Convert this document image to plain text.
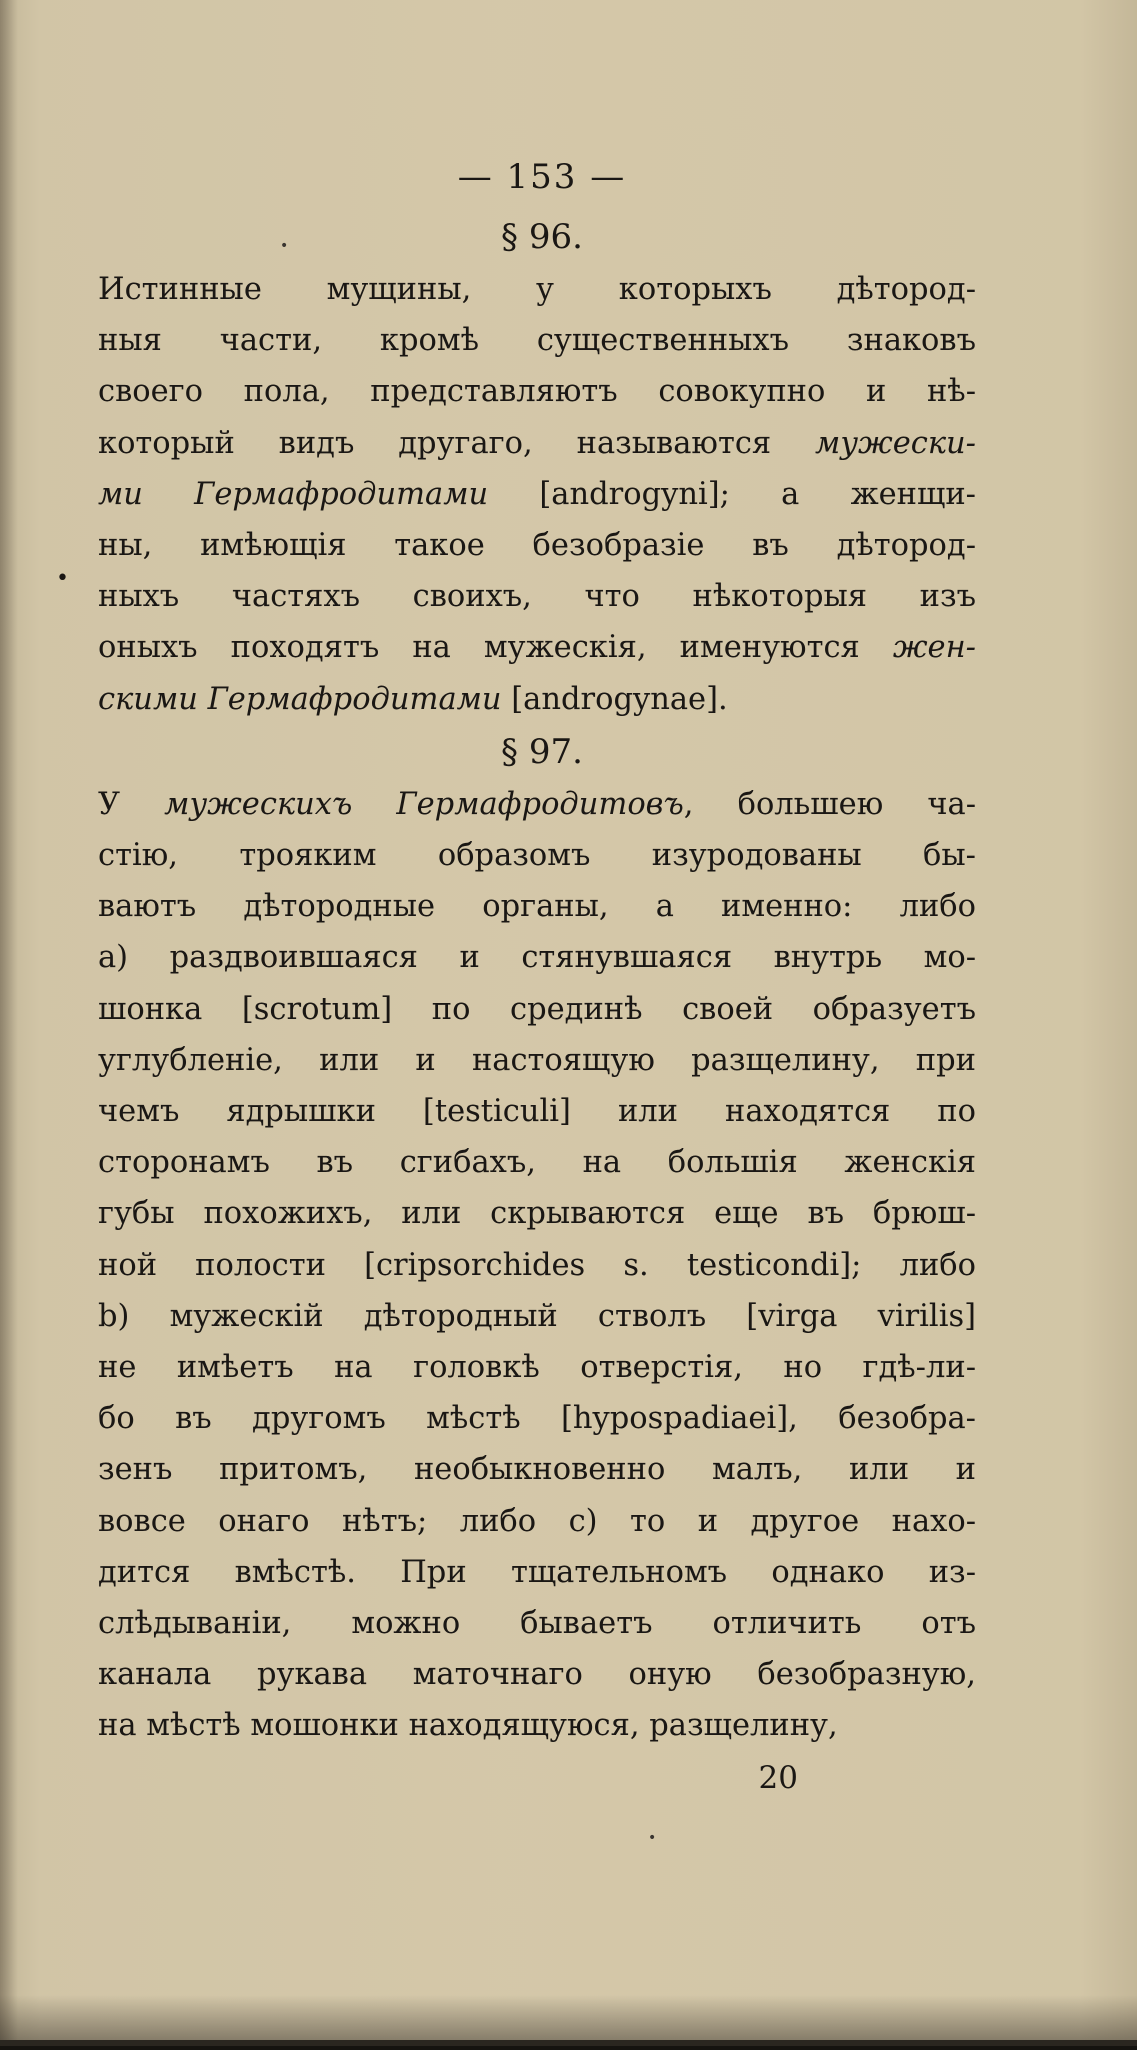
•
•
•
— 153 —
§ 96.
Истинные мущины, у которыхъ дѣтород-
ныя части, кромѣ существенныхъ знаковъ
своего пола, представляютъ совокупно и нѣ-
который видъ другаго, называются мужески-
ми Гермафродитами [androgyni]; а женщи-
ны, имѣющія такое безобразіе въ дѣтород-
ныхъ частяхъ своихъ, что нѣкоторыя изъ
оныхъ походятъ на мужескія, именуются жен-
скими Гермафродитами [androgynae].
§ 97.
У мужескихъ Гермафродитовъ, большею ча-
стію, трояким образомъ изуродованы бы-
ваютъ дѣтородные органы, а именно: либо
a) раздвоившаяся и стянувшаяся внутрь мо-
шонка [scrotum] по срединѣ своей образуетъ
углубленіе, или и настоящую разщелину, при
чемъ ядрышки [testiculi] или находятся по
сторонамъ въ сгибахъ, на большія женскія
губы похожихъ, или скрываются еще въ брюш-
ной полости [cripsorchides s. testicondi]; либо
b) мужескій дѣтородный стволъ [virga virilis]
не имѣетъ на головкѣ отверстія, но гдѣ-ли-
бо въ другомъ мѣстѣ [hypospadiaei], безобра-
зенъ притомъ, необыкновенно малъ, или и
вовсе онаго нѣтъ; либо c) то и другое нахо-
дится вмѣстѣ. При тщательномъ однако из-
слѣдываніи, можно бываетъ отличить отъ
канала рукава маточнаго оную безобразную,
на мѣстѣ мошонки находящуюся, разщелину,
20
